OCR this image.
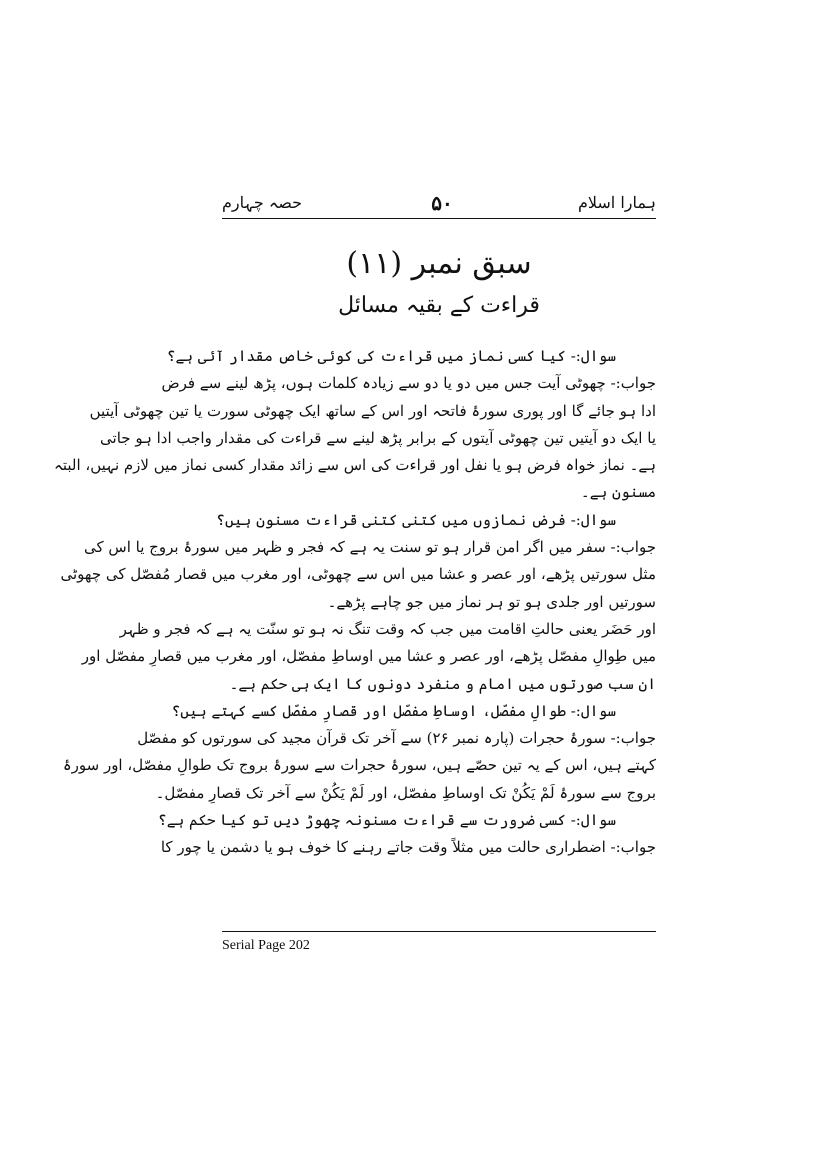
ہمارا اسلام
۵۰
حصہ چہارم
سبق نمبر (۱۱)
قراءت کے بقیہ مسائل
سوال:- کیا کسی نماز میں قراءت کی کوئی خاص مقدار آئی ہے؟
جواب:- چھوٹی آیت جس میں دو یا دو سے زیادہ کلمات ہوں، پڑھ لینے سے فرض
ادا ہو جائے گا اور پوری سورۂ فاتحہ اور اس کے ساتھ ایک چھوٹی سورت یا تین چھوٹی آیتیں
یا ایک دو آیتیں تین چھوٹی آیتوں کے برابر پڑھ لینے سے قراءت کی مقدار واجب ادا ہو جاتی
ہے۔ نماز خواہ فرض ہو یا نفل اور قراءت کی اس سے زائد مقدار کسی نماز میں لازم نہیں، البتہ
مسنون ہے۔
سوال:- فرض نمازوں میں کتنی کتنی قراءت مسنون ہیں؟
جواب:- سفر میں اگر امن قرار ہو تو سنت یہ ہے کہ فجر و ظہر میں سورۂ بروج یا اس کی
مثل سورتیں پڑھے، اور عصر و عشا میں اس سے چھوٹی، اور مغرب میں قصار مُفصّل کی چھوٹی
سورتیں اور جلدی ہو تو ہر نماز میں جو چاہے پڑھے۔
اور حَضَر یعنی حالتِ اقامت میں جب کہ وقت تنگ نہ ہو تو سنّت یہ ہے کہ فجر و ظہر
میں طِوالِ مفصّل پڑھے، اور عصر و عشا میں اوساطِ مفصّل، اور مغرب میں قصارِ مفصّل اور
ان سب صورتوں میں امام و منفرد دونوں کا ایک ہی حکم ہے۔
سوال:- طوالِ مفصّل، اوساطِ مفصّل اور قصارِ مفصّل کسے کہتے ہیں؟
جواب:- سورۂ حجرات (پارہ نمبر ۲۶) سے آخر تک قرآن مجید کی سورتوں کو مفصّل
کہتے ہیں، اس کے یہ تین حصّے ہیں، سورۂ حجرات سے سورۂ بروج تک طوالِ مفصّل، اور سورۂ
بروج سے سورۂ لَمْ یَکُنْ تک اوساطِ مفصّل، اور لَمْ یَکُنْ سے آخر تک قصارِ مفصّل۔
سوال:- کسی ضرورت سے قراءت مسنونہ چھوڑ دیں تو کیا حکم ہے؟
جواب:- اضطراری حالت میں مثلاً وقت جاتے رہنے کا خوف ہو یا دشمن یا چور کا
Serial Page 202
